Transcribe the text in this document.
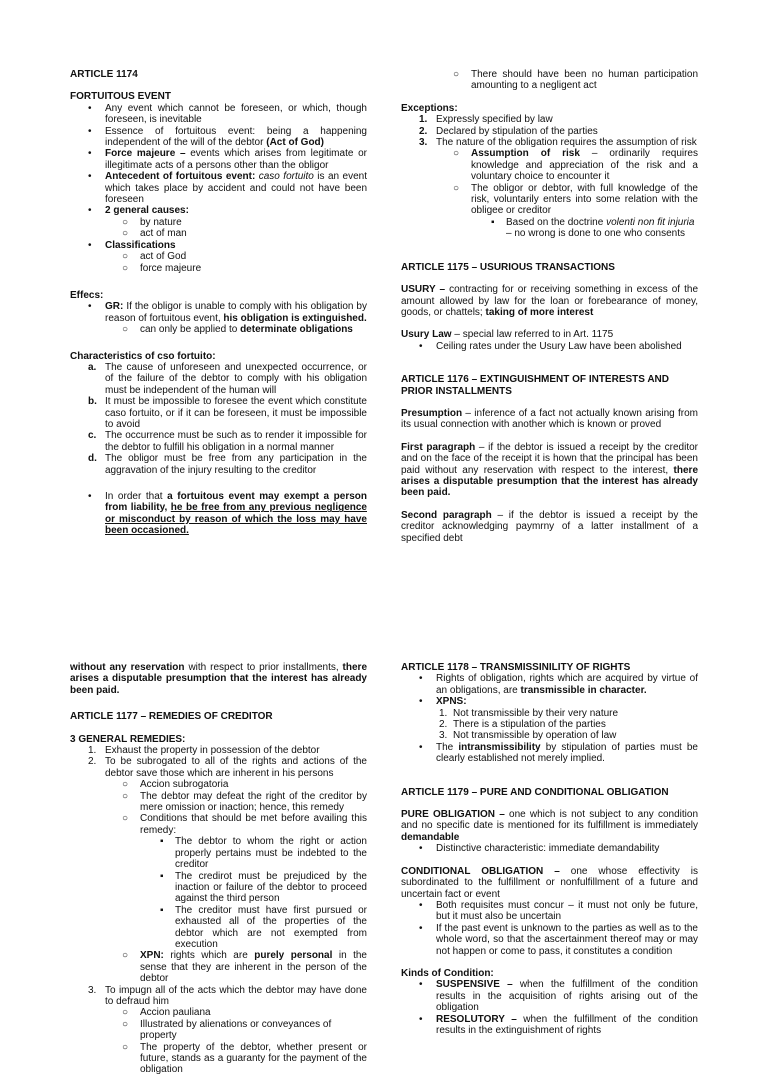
ARTICLE 1174

FORTUITOUS EVENT

• Any event which cannot be foreseen, or which, though foreseen, is inevitable
• Essence of fortuitous event: being a happening independent of the will of the debtor (Act of God)
• Force majeure – events which arises from legitimate or illegitimate acts of a persons other than the obligor
• Antecedent of fortuitous event: caso fortuito is an event which takes place by accident and could not have been foreseen
• 2 general causes:
○ by nature
○ act of man
• Classifications
○ act of God
○ force majeure

Effecs:

• GR: If the obligor is unable to comply with his obligation by reason of fortuitous event, his obligation is extinguished.
○ can only be applied to determinate obligations

Characteristics of cso fortuito:

a. The cause of unforeseen and unexpected occurrence, or of the failure of the debtor to comply with his obligation must be independent of the human will
b. It must be impossible to foresee the event which constitute caso fortuito, or if it can be foreseen, it must be impossible to avoid
c. The occurrence must be such as to render it impossible for the debtor to fulfill his obligation in a normal manner
d. The obligor must be free from any participation in the aggravation of the injury resulting to the creditor
• In order that a fortuitous event may exempt a person from liability, he be free from any previous negligence or misconduct by reason of which the loss may have been occasioned.
○ There should have been no human participation amounting to a negligent act

Exceptions:

1. Expressly specified by law
2. Declared by stipulation of the parties
3. The nature of the obligation requires the assumption of risk
○ Assumption of risk – ordinarily requires knowledge and appreciation of the risk and a voluntary choice to encounter it
○ The obligor or debtor, with full knowledge of the risk, voluntarily enters into some relation with the obligee or creditor
▪ Based on the doctrine volenti non fit injuria – no wrong is done to one who consents

ARTICLE 1175 – USURIOUS TRANSACTIONS

USURY – contracting for or receiving something in excess of the amount allowed by law for the loan or forebearance of money, goods, or chattels; taking of more interest

Usury Law – special law referred to in Art. 1175

• Ceiling rates under the Usury Law have been abolished

ARTICLE 1176 – EXTINGUISHMENT OF INTERESTS AND PRIOR INSTALLMENTS

Presumption – inference of a fact not actually known arising from its usual connection with another which is known or proved

First paragraph – if the debtor is issued a receipt by the creditor and on the face of the receipt it is hown that the principal has been paid without any reservation with respect to the interest, there arises a disputable presumption that the interest has already been paid.

Second paragraph – if the debtor is issued a receipt by the creditor acknowledging paymrny of a latter installment of a specified debt

without any reservation with respect to prior installments, there arises a disputable presumption that the interest has already been paid.

ARTICLE 1177 – REMEDIES OF CREDITOR

3 GENERAL REMEDIES:

1. Exhaust the property in possession of the debtor
2. To be subrogated to all of the rights and actions of the debtor save those which are inherent in his persons
○ Accion subrogatoria
○ The debtor may defeat the right of the creditor by mere omission or inaction; hence, this remedy
○ Conditions that should be met before availing this remedy:
▪ The debtor to whom the right or action properly pertains must be indebted to the creditor
▪ The credirot must be prejudiced by the inaction or failure of the debtor to proceed against the third person
▪ The creditor must have first pursued or exhausted all of the properties of the debtor which are not exempted from execution
○ XPN: rights which are purely personal in the sense that they are inherent in the person of the debtor
3. To impugn all of the acts which the debtor may have done to defraud him
○ Accion pauliana
○ Illustrated by alienations or conveyances of property
○ The property of the debtor, whether present or future, stands as a guaranty for the payment of the obligation

ARTICLE 1178 – TRANSMISSINILITY OF RIGHTS

• Rights of obligation, rights which are acquired by virtue of an obligations, are transmissible in character.
• XPNS:
1. Not transmissible by their very nature
2. There is a stipulation of the parties
3. Not transmissible by operation of law
• The intransmissibility by stipulation of parties must be clearly established not merely implied.

ARTICLE 1179 – PURE AND CONDITIONAL OBLIGATION

PURE OBLIGATION – one which is not subject to any condition and no specific date is mentioned for its fulfillment is immediately demandable

• Distinctive characteristic: immediate demandability

CONDITIONAL OBLIGATION – one whose effectivity is subordinated to the fulfillment or nonfulfillment of a future and uncertain fact or event

• Both requisites must concur – it must not only be future, but it must also be uncertain
• If the past event is unknown to the parties as well as to the whole word, so that the ascertainment thereof may or may not happen or come to pass, it constitutes a condition

Kinds of Condition:

• SUSPENSIVE – when the fulfillment of the condition results in the acquisition of rights arising out of the obligation
• RESOLUTORY – when the fulfillment of the condition results in the extinguishment of rights
